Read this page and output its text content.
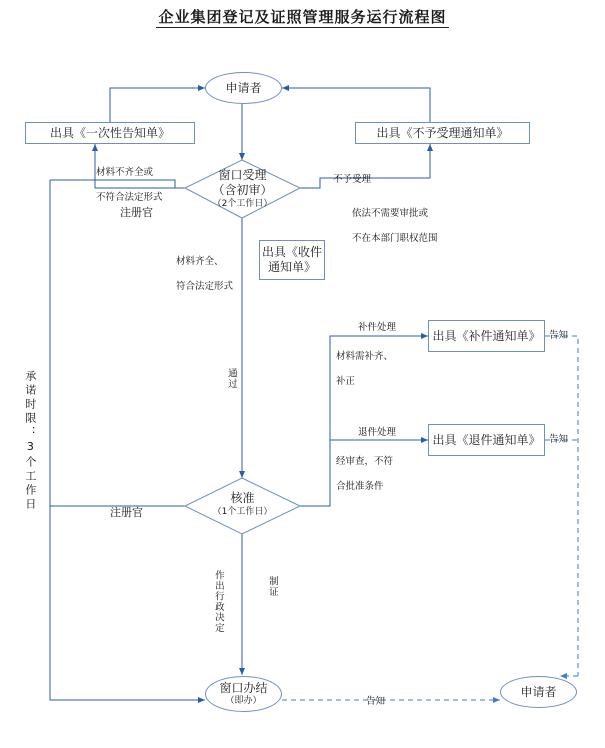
企业集团登记及证照管理服务运行流程图
申请者
出具《一次性告知单》	出具《不予受理通知单》
窗口受理
（含初审）
（2个工作日）
出具《收件
通知单》
出具《补件通知单》
出具《退件通知单》
核准
（1个工作日）
窗口办结
（即办）
申请者

材料不齐全或

不符合法定形式

注册官

不予受理

依法不需要审批或

不在本部门职权范围

材料齐全、

符合法定形式

通过

补件处理

材料需补齐、

补正

退件处理

经审查，不符

合批准条件

告知

告知

告知

注册官

作出行政决定	制证
承诺时限：3个工作日
